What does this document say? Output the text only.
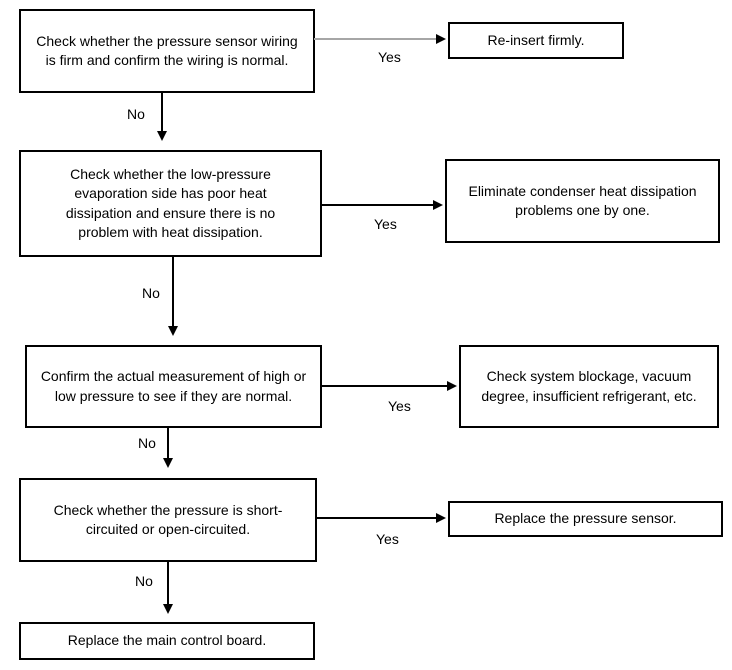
Check whether the pressure sensor wiring is firm and confirm the wiring is normal.
Re-insert firmly.
Check whether the low-pressure evaporation side has poor heat dissipation and ensure there is no problem with heat dissipation.
Eliminate condenser heat dissipation problems one by one.
Confirm the actual measurement of high or low pressure to see if they are normal.
Check system blockage, vacuum degree, insufficient refrigerant, etc.
Check whether the pressure is short-circuited or open-circuited.
Replace the pressure sensor.
Replace the main control board.
Yes
No
Yes
No
Yes
No
Yes
No
